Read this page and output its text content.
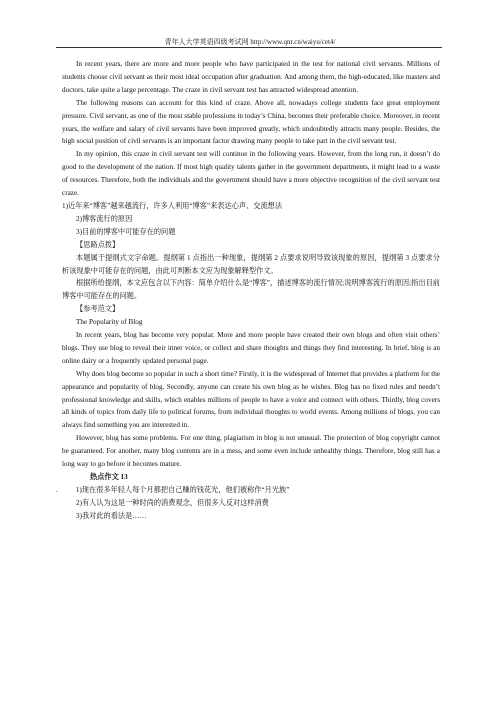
青年人大学英语四级考试网 http://www.qnr.cn/waiyu/cet4/

In recent years, there are more and more people who have participated in the test for national civil servants. Millions of students choose civil servant as their most ideal occupation after graduation. And among them, the high-educated, like masters and doctors, take quite a large percentage. The craze in civil servant test has attracted widespread attention.

The following reasons can account for this kind of craze. Above all, nowadays college students face great employment pressure. Civil servant, as one of the most stable professions in today’s China, becomes their preferable choice. Moreover, in recent years, the welfare and salary of civil servants have been improved greatly, which undoubtedly attracts many people. Besides, the high social position of civil servants is an important factor drawing many people to take part in the civil servant test.

In my opinion, this craze in civil servant test will continue in the following years. However, from the long run, it doesn’t do good to the development of the nation. If most high quality talents gather in the government departments, it might lead to a waste of resources. Therefore, both the individuals and the government should have a more objective recognition of the civil servant test craze.

1)近年来“博客”越来越流行，许多人利用“博客”来表达心声、交流想法

2)博客流行的原因

3)目前的博客中可能存在的问题

【思路点拨】

本题属于提纲式文字命题。提纲第 1 点指出一种现象，提纲第 2 点要求说明导致该现象的原因，提纲第 3 点要求分析该现象中可能存在的问题，由此可判断本文应为现象解释型作文。

根据所给提纲，本文应包含以下内容：简单介绍什么是“博客”，描述博客的流行情况;说明博客流行的原因;指出目前博客中可能存在的问题。

【参考范文】

The Popularity of Blog

In recent years, blog has become very popular. More and more people have created their own blogs and often visit others’ blogs. They use blog to reveal their inner voice, or collect and share thoughts and things they find interesting. In brief, blog is an online dairy or a frequently updated personal page.

Why does blog become so popular in such a short time? Firstly, it is the widespread of Internet that provides a platform for the appearance and popularity of blog. Secondly, anyone can create his own blog as he wishes. Blog has no fixed rules and needn’t professional knowledge and skills, which enables millions of people to have a voice and connect with others. Thirdly, blog covers all kinds of topics from daily life to political forums, from individual thoughts to world events. Among millions of blogs, you can always find something you are interested in.

However, blog has some problems. For one thing, plagiarism in blog is not unusual. The protection of blog copyright cannot be guaranteed. For another, many blog contents are in a mess, and some even include unhealthy things. Therefore, blog still has a long way to go before it becomes mature.

热点作文 13

.	1)现在很多年轻人每个月都把自己赚的钱花光，他们被称作“月光族”

2)有人认为这是一种时尚的消费观念，但很多人反对这样消费

3)我对此的看法是……
